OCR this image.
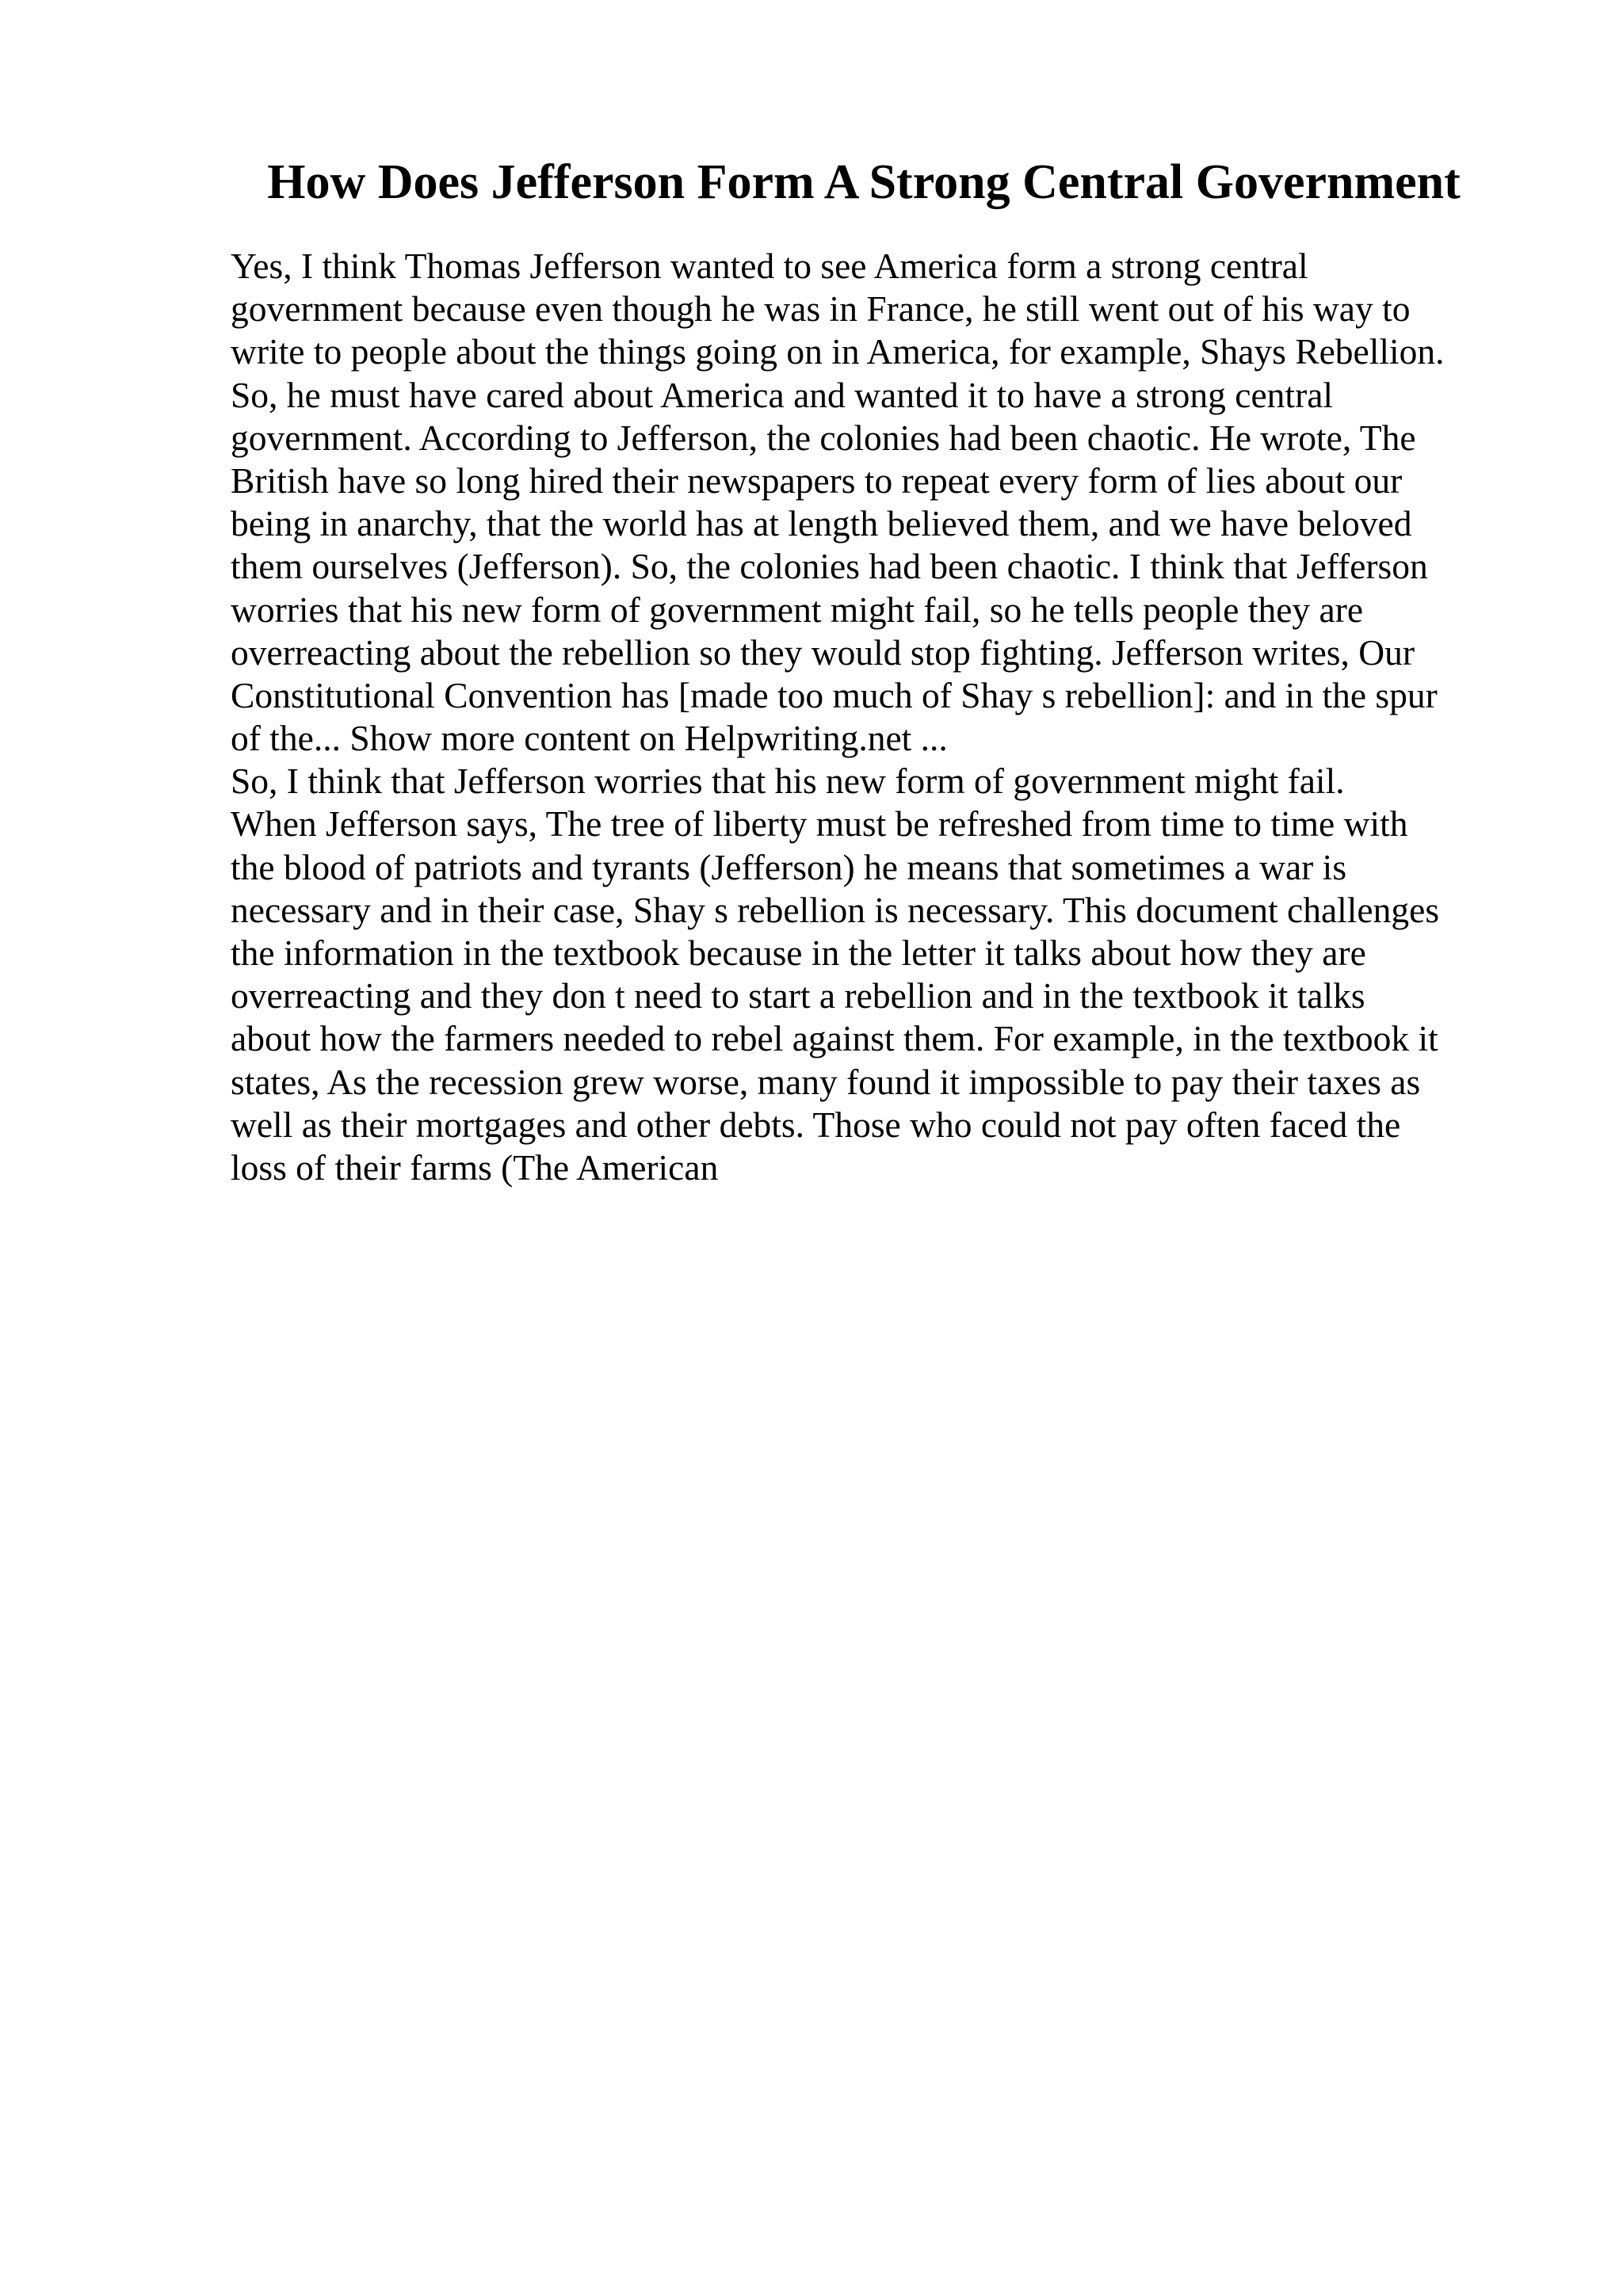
How Does Jefferson Form A Strong Central Government
Yes, I think Thomas Jefferson wanted to see America form a strong central
government because even though he was in France, he still went out of his way to
write to people about the things going on in America, for example, Shays Rebellion.
So, he must have cared about America and wanted it to have a strong central
government. According to Jefferson, the colonies had been chaotic. He wrote, The
British have so long hired their newspapers to repeat every form of lies about our
being in anarchy, that the world has at length believed them, and we have beloved
them ourselves (Jefferson). So, the colonies had been chaotic. I think that Jefferson
worries that his new form of government might fail, so he tells people they are
overreacting about the rebellion so they would stop fighting. Jefferson writes, Our
Constitutional Convention has [made too much of Shay s rebellion]: and in the spur
of the... Show more content on Helpwriting.net ...
So, I think that Jefferson worries that his new form of government might fail.
When Jefferson says, The tree of liberty must be refreshed from time to time with
the blood of patriots and tyrants (Jefferson) he means that sometimes a war is
necessary and in their case, Shay s rebellion is necessary. This document challenges
the information in the textbook because in the letter it talks about how they are
overreacting and they don t need to start a rebellion and in the textbook it talks
about how the farmers needed to rebel against them. For example, in the textbook it
states, As the recession grew worse, many found it impossible to pay their taxes as
well as their mortgages and other debts. Those who could not pay often faced the
loss of their farms (The American
